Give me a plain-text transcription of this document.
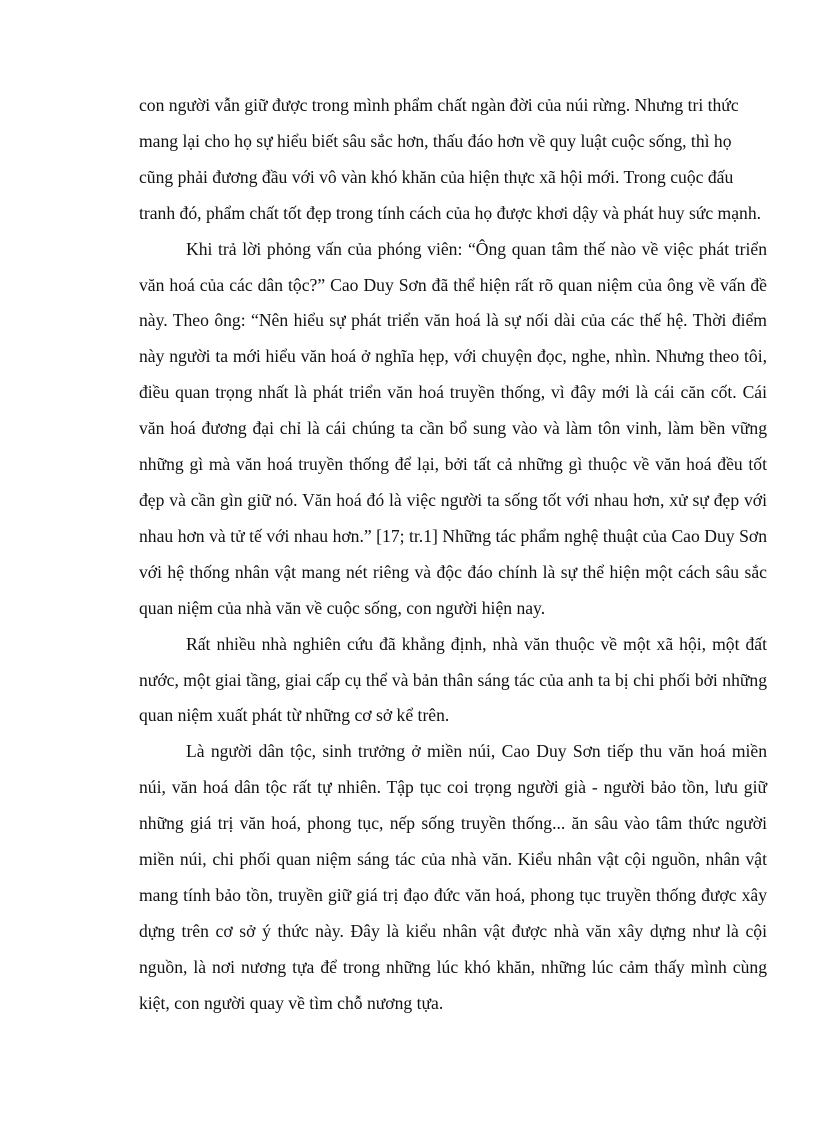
con người vẫn giữ được trong mình phẩm chất ngàn đời của núi rừng. Nhưng tri thức mang lại cho họ sự hiểu biết sâu sắc hơn, thấu đáo hơn về quy luật cuộc sống, thì họ cũng phải đương đầu với vô vàn khó khăn của hiện thực xã hội mới. Trong cuộc đấu tranh đó, phẩm chất tốt đẹp trong tính cách của họ được khơi dậy và phát huy sức mạnh.

Khi trả lời phỏng vấn của phóng viên: “Ông quan tâm thế nào về việc phát triển văn hoá của các dân tộc?” Cao Duy Sơn đã thể hiện rất rõ quan niệm của ông về vấn đề này. Theo ông: “Nên hiểu sự phát triển văn hoá là sự nối dài của các thế hệ. Thời điểm này người ta mới hiểu văn hoá ở nghĩa hẹp, với chuyện đọc, nghe, nhìn. Nhưng theo tôi, điều quan trọng nhất là phát triển văn hoá truyền thống, vì đây mới là cái căn cốt. Cái văn hoá đương đại chỉ là cái chúng ta cần bổ sung vào và làm tôn vinh, làm bền vững những gì mà văn hoá truyền thống để lại, bởi tất cả những gì thuộc về văn hoá đều tốt đẹp và cần gìn giữ nó. Văn hoá đó là việc người ta sống tốt với nhau hơn, xử sự đẹp với nhau hơn và tử tế với nhau hơn.” [17; tr.1] Những tác phẩm nghệ thuật của Cao Duy Sơn với hệ thống nhân vật mang nét riêng và độc đáo chính là sự thể hiện một cách sâu sắc quan niệm của nhà văn về cuộc sống, con người hiện nay.

Rất nhiều nhà nghiên cứu đã khẳng định, nhà văn thuộc về một xã hội, một đất nước, một giai tầng, giai cấp cụ thể và bản thân sáng tác của anh ta bị chi phối bởi những quan niệm xuất phát từ những cơ sở kể trên.

Là người dân tộc, sinh trưởng ở miền núi, Cao Duy Sơn tiếp thu văn hoá miền núi, văn hoá dân tộc rất tự nhiên. Tập tục coi trọng người già - người bảo tồn, lưu giữ những giá trị văn hoá, phong tục, nếp sống truyền thống... ăn sâu vào tâm thức người miền núi, chi phối quan niệm sáng tác của nhà văn. Kiểu nhân vật cội nguồn, nhân vật mang tính bảo tồn, truyền giữ giá trị đạo đức văn hoá, phong tục truyền thống được xây dựng trên cơ sở ý thức này. Đây là kiểu nhân vật được nhà văn xây dựng như là cội nguồn, là nơi nương tựa để trong những lúc khó khăn, những lúc cảm thấy mình cùng kiệt, con người quay về tìm chỗ nương tựa.
